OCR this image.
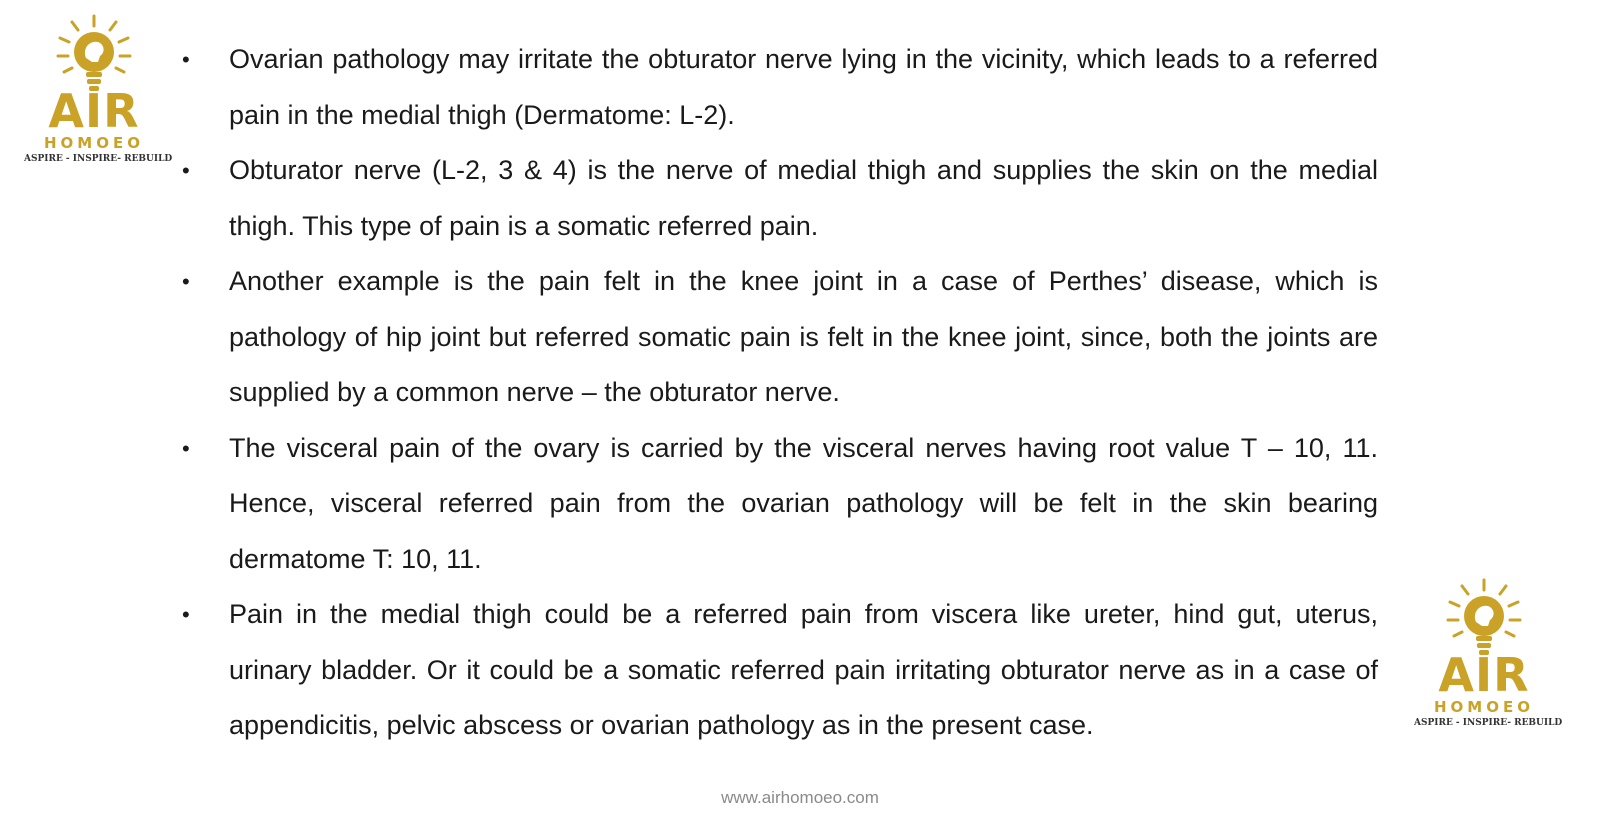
AIR
HOMOEO
ASPIRE - INSPIRE- REBUILD
• Ovarian pathology may irritate the obturator nerve lying in the vicinity, which leads to a referred pain in the medial thigh (Dermatome: L-2).
• Obturator nerve (L-2, 3 & 4) is the nerve of medial thigh and supplies the skin on the medial thigh. This type of pain is a somatic referred pain.
• Another example is the pain felt in the knee joint in a case of Perthes’ disease, which is pathology of hip joint but referred somatic pain is felt in the knee joint, since, both the joints are supplied by a common nerve – the obturator nerve.
• The visceral pain of the ovary is carried by the visceral nerves having root value T – 10, 11. Hence, visceral referred pain from the ovarian pathology will be felt in the skin bearing dermatome T: 10, 11.
• Pain in the medial thigh could be a referred pain from viscera like ureter, hind gut, uterus, urinary bladder. Or it could be a somatic referred pain irritating obturator nerve as in a case of appendicitis, pelvic abscess or ovarian pathology as in the present case.
AIR
HOMOEO
ASPIRE - INSPIRE- REBUILD
www.airhomoeo.com
